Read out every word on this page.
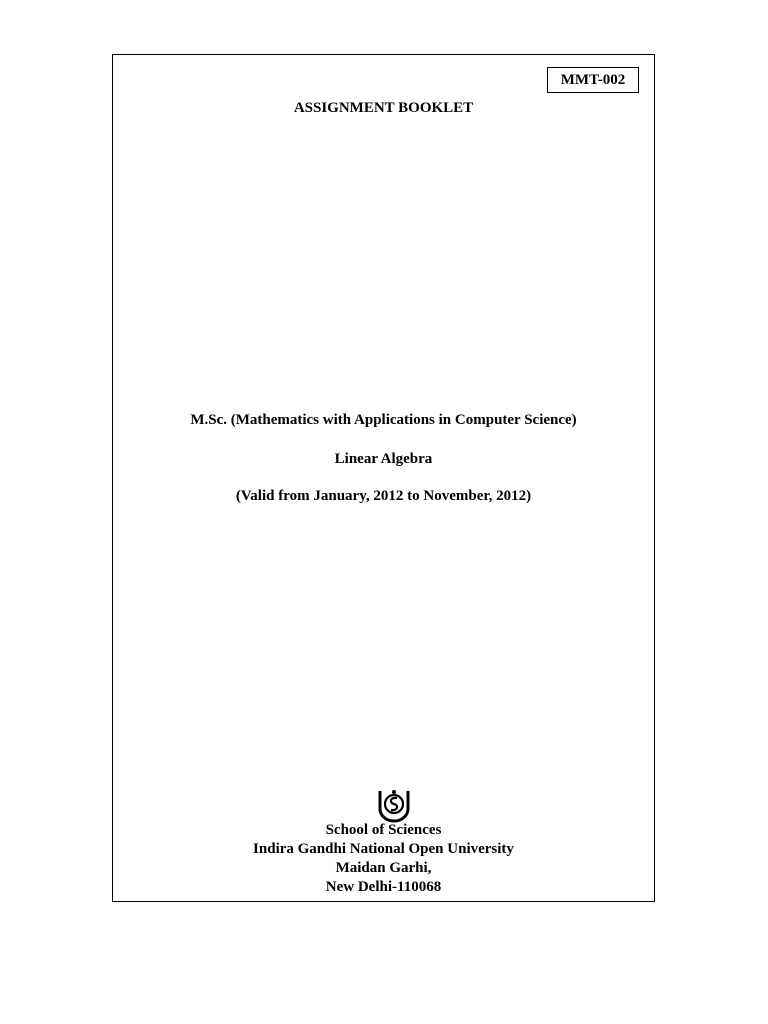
MMT-002
ASSIGNMENT BOOKLET
M.Sc. (Mathematics with Applications in Computer Science)
Linear Algebra
(Valid from January, 2012 to November, 2012)
School of Sciences
Indira Gandhi National Open University
Maidan Garhi,
New Delhi-110068
